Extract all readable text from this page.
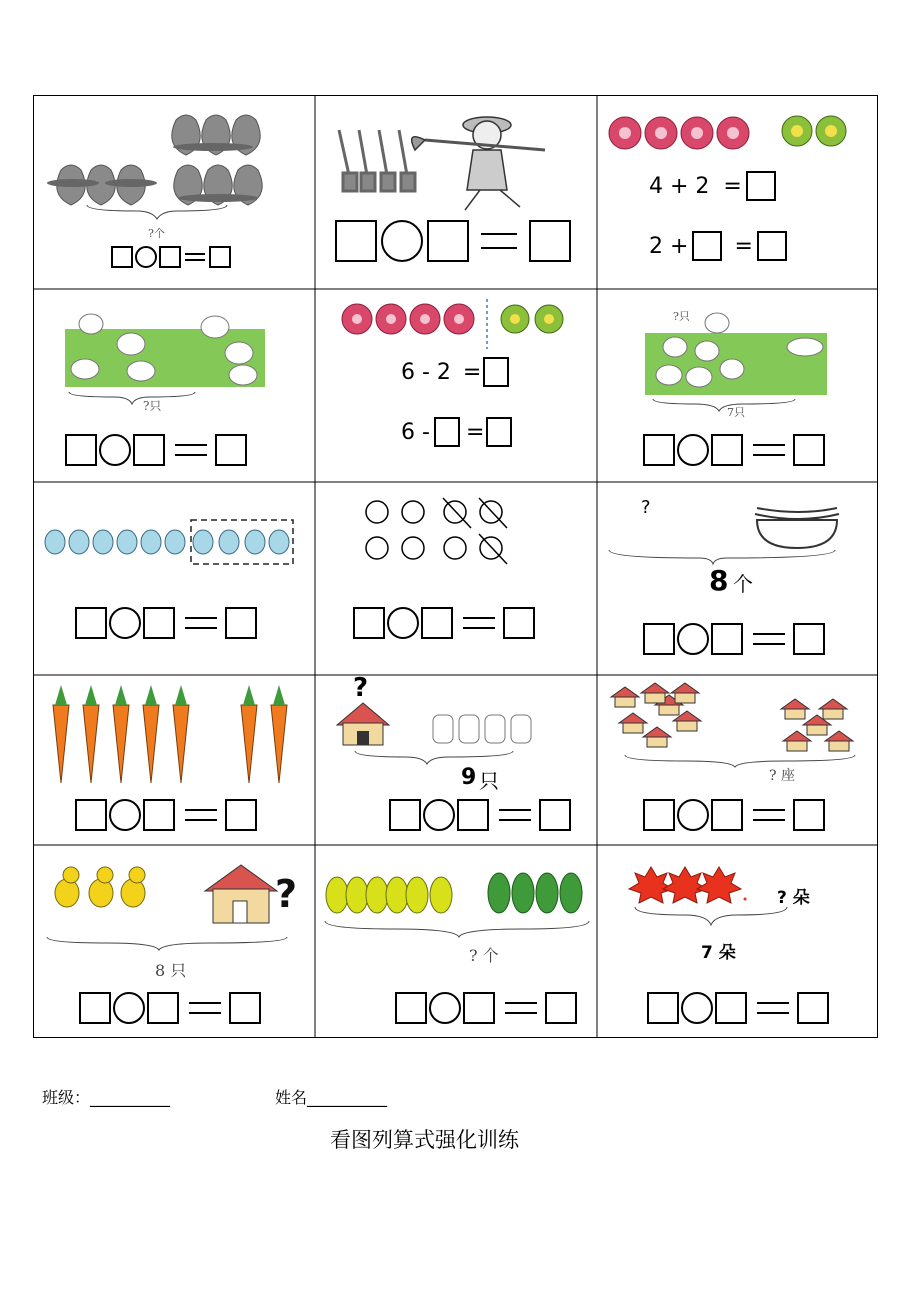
?个
4 + 2 =
2 + =
?只
6 - 2 =
6 - =
?只
7只
?
8 个
?
9 只	? 座
?
8 只
? 个
? 朵
7 朵
班级：__________	姓名__________
看图列算式强化训练
